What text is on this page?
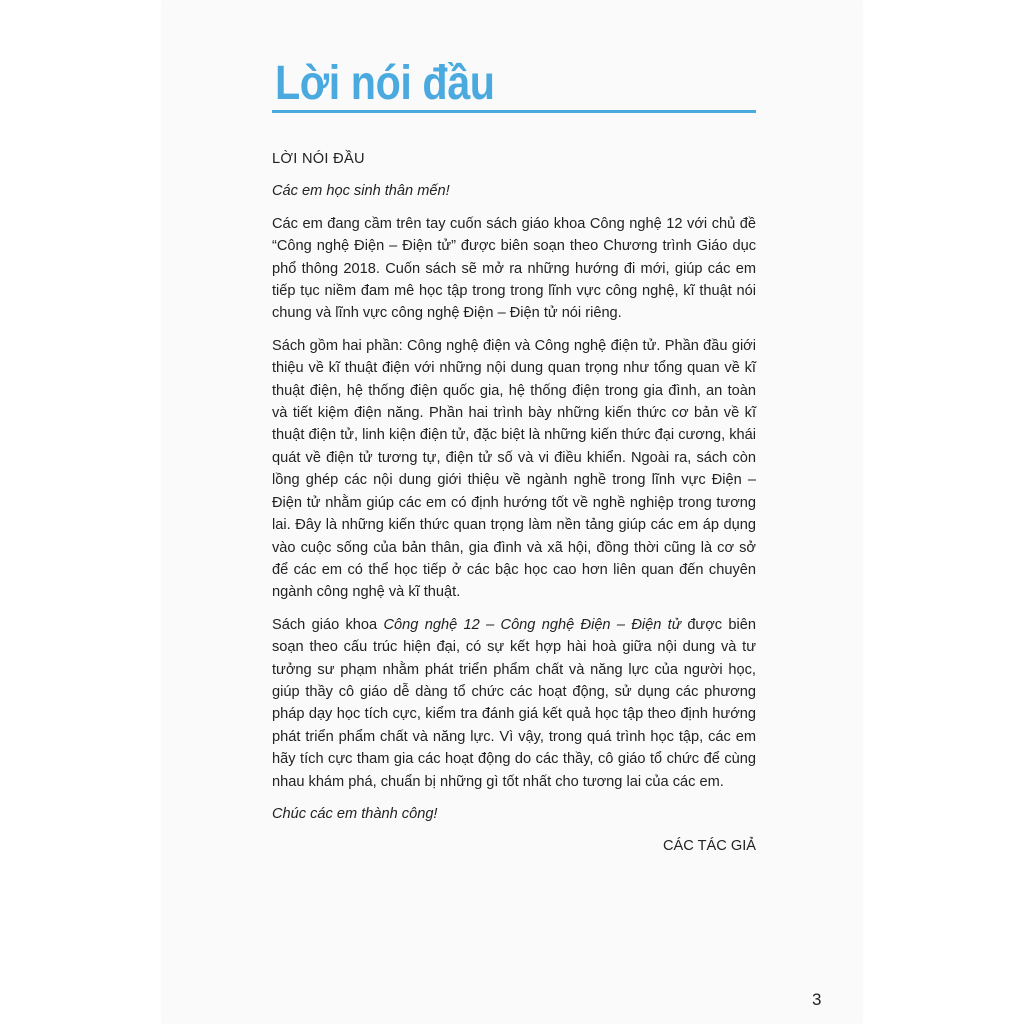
Lời nói đầu

LỜI NÓI ĐẦU

Các em học sinh thân mến!

Các em đang cầm trên tay cuốn sách giáo khoa Công nghệ 12 với chủ đề “Công nghệ Điện – Điện tử” được biên soạn theo Chương trình Giáo dục phổ thông 2018. Cuốn sách sẽ mở ra những hướng đi mới, giúp các em tiếp tục niềm đam mê học tập trong trong lĩnh vực công nghệ, kĩ thuật nói chung và lĩnh vực công nghệ Điện – Điện tử nói riêng.

Sách gồm hai phần: Công nghệ điện và Công nghệ điện tử. Phần đầu giới thiệu về kĩ thuật điện với những nội dung quan trọng như tổng quan về kĩ thuật điện, hệ thống điện quốc gia, hệ thống điện trong gia đình, an toàn và tiết kiệm điện năng. Phần hai trình bày những kiến thức cơ bản về kĩ thuật điện tử, linh kiện điện tử, đặc biệt là những kiến thức đại cương, khái quát về điện tử tương tự, điện tử số và vi điều khiển. Ngoài ra, sách còn lồng ghép các nội dung giới thiệu về ngành nghề trong lĩnh vực Điện – Điện tử nhằm giúp các em có định hướng tốt về nghề nghiệp trong tương lai. Đây là những kiến thức quan trọng làm nền tảng giúp các em áp dụng vào cuộc sống của bản thân, gia đình và xã hội, đồng thời cũng là cơ sở để các em có thể học tiếp ở các bậc học cao hơn liên quan đến chuyên ngành công nghệ và kĩ thuật.

Sách giáo khoa Công nghệ 12 – Công nghệ Điện – Điện tử được biên soạn theo cấu trúc hiện đại, có sự kết hợp hài hoà giữa nội dung và tư tưởng sư phạm nhằm phát triển phẩm chất và năng lực của người học, giúp thầy cô giáo dễ dàng tổ chức các hoạt động, sử dụng các phương pháp dạy học tích cực, kiểm tra đánh giá kết quả học tập theo định hướng phát triển phẩm chất và năng lực. Vì vậy, trong quá trình học tập, các em hãy tích cực tham gia các hoạt động do các thầy, cô giáo tổ chức để cùng nhau khám phá, chuẩn bị những gì tốt nhất cho tương lai của các em.

Chúc các em thành công!

CÁC TÁC GIẢ

3
